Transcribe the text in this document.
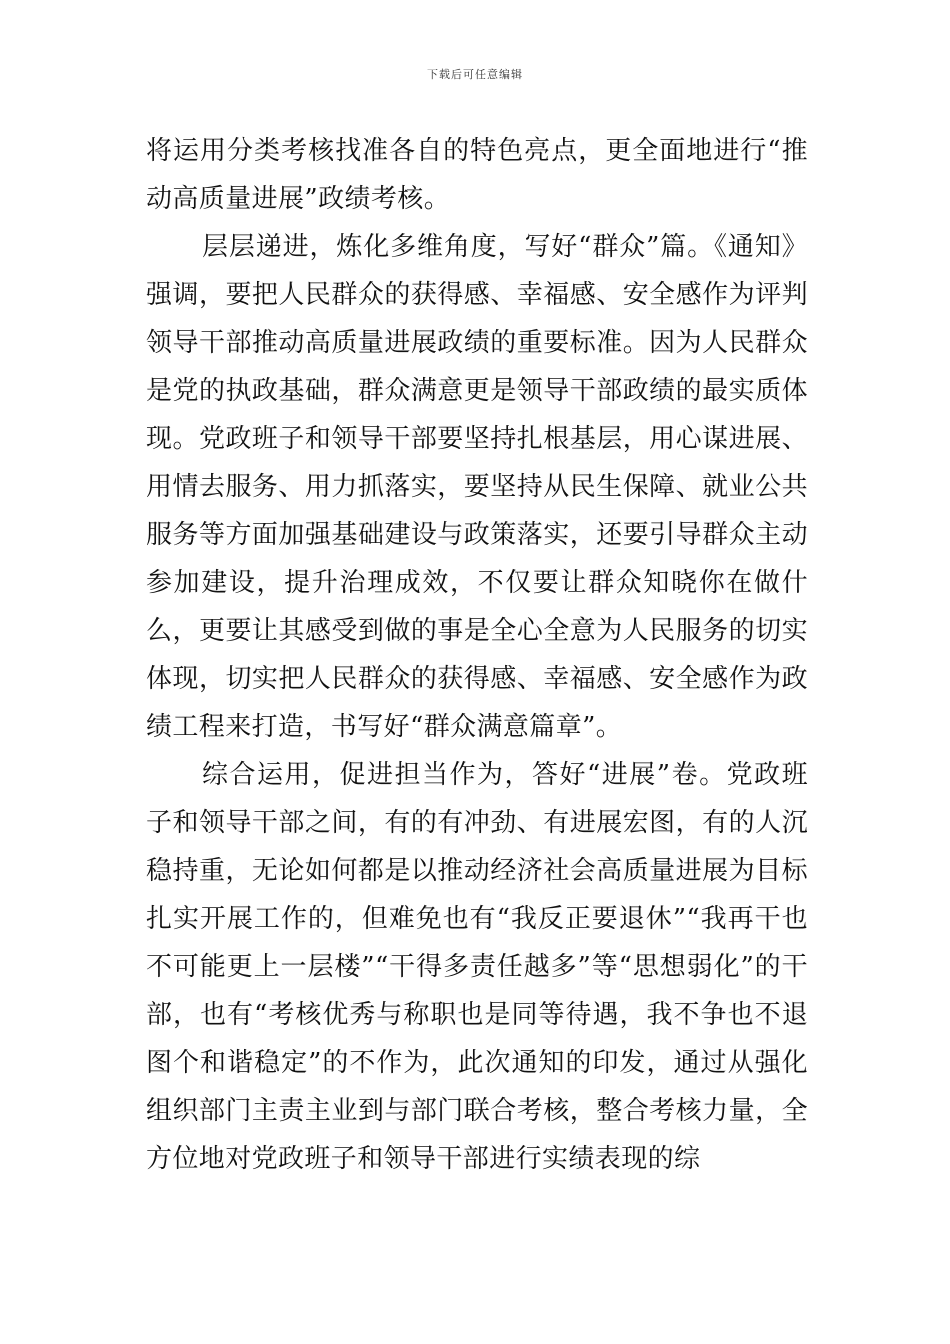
下载后可任意编辑

将运用分类考核找准各自的特色亮点，更全面地进行“推动高质量进展”政绩考核。

层层递进，炼化多维角度，写好“群众”篇。《通知》强调，要把人民群众的获得感、幸福感、安全感作为评判领导干部推动高质量进展政绩的重要标准。因为人民群众是党的执政基础，群众满意更是领导干部政绩的最实质体现。党政班子和领导干部要坚持扎根基层，用心谋进展、用情去服务、用力抓落实，要坚持从民生保障、就业公共服务等方面加强基础建设与政策落实，还要引导群众主动参加建设，提升治理成效，不仅要让群众知晓你在做什么，更要让其感受到做的事是全心全意为人民服务的切实体现，切实把人民群众的获得感、幸福感、安全感作为政绩工程来打造，书写好“群众满意篇章”。

综合运用，促进担当作为，答好“进展”卷。党政班子和领导干部之间，有的有冲劲、有进展宏图，有的人沉稳持重，无论如何都是以推动经济社会高质量进展为目标扎实开展工作的，但难免也有“我反正要退休”“我再干也不可能更上一层楼”“干得多责任越多”等“思想弱化”的干部，也有“考核优秀与称职也是同等待遇，我不争也不退图个和谐稳定”的不作为，此次通知的印发，通过从强化组织部门主责主业到与部门联合考核，整合考核力量，全方位地对党政班子和领导干部进行实绩表现的综
